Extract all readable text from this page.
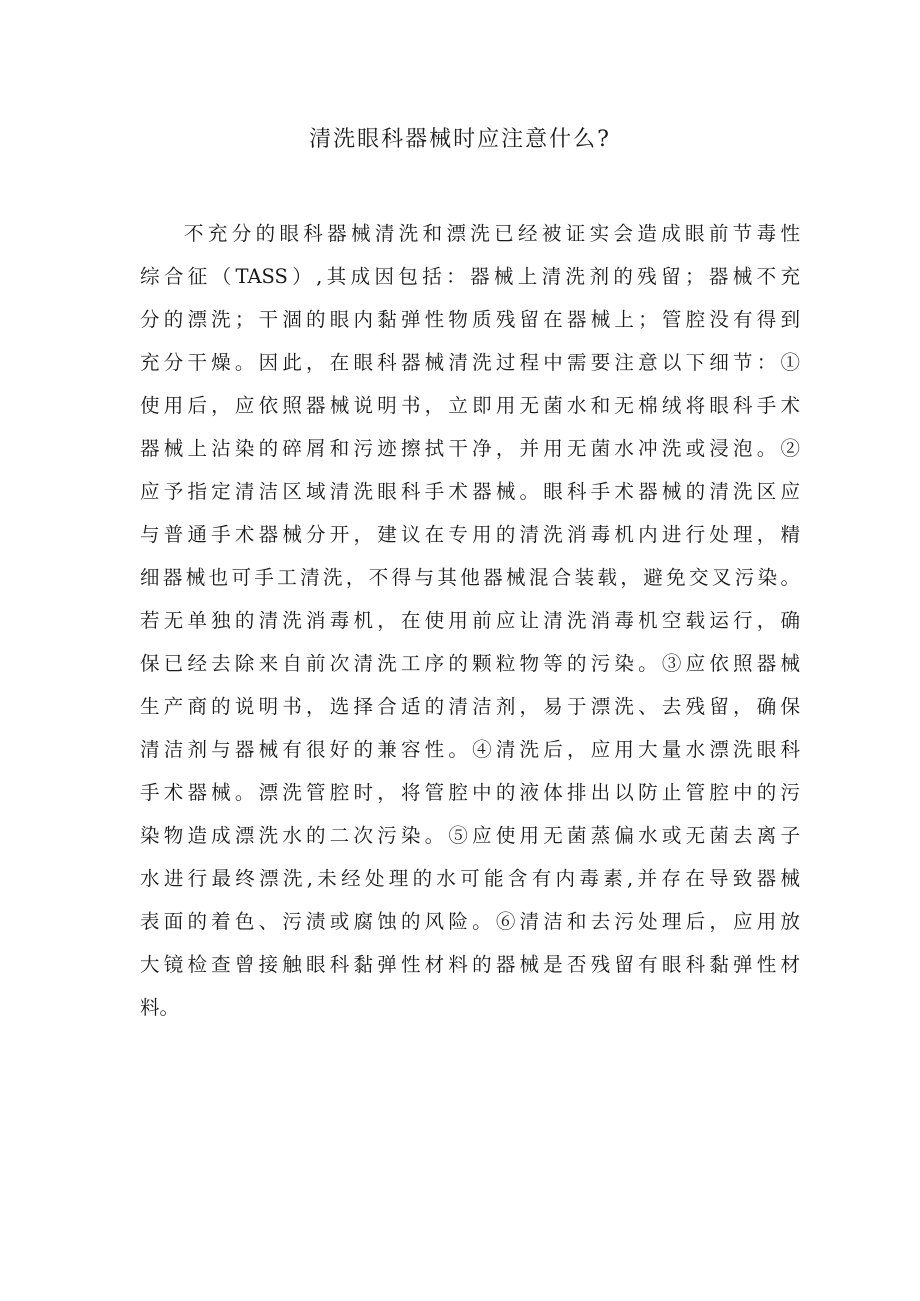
清洗眼科器械时应注意什么?
不充分的眼科器械清洗和漂洗已经被证实会造成眼前节毒性
综合征（TASS）,其成因包括：器械上清洗剂的残留；器械不充
分的漂洗；干涸的眼内黏弹性物质残留在器械上；管腔没有得到
充分干燥。因此，在眼科器械清洗过程中需要注意以下细节：①
使用后，应依照器械说明书，立即用无菌水和无棉绒将眼科手术
器械上沾染的碎屑和污迹擦拭干净，并用无菌水冲洗或浸泡。②
应予指定清洁区域清洗眼科手术器械。眼科手术器械的清洗区应
与普通手术器械分开，建议在专用的清洗消毒机内进行处理，精
细器械也可手工清洗，不得与其他器械混合装载，避免交叉污染。
若无单独的清洗消毒机，在使用前应让清洗消毒机空载运行，确
保已经去除来自前次清洗工序的颗粒物等的污染。③应依照器械
生产商的说明书，选择合适的清洁剂，易于漂洗、去残留，确保
清洁剂与器械有很好的兼容性。④清洗后，应用大量水漂洗眼科
手术器械。漂洗管腔时，将管腔中的液体排出以防止管腔中的污
染物造成漂洗水的二次污染。⑤应使用无菌蒸偏水或无菌去离子
水进行最终漂洗,未经处理的水可能含有内毒素,并存在导致器械
表面的着色、污渍或腐蚀的风险。⑥清洁和去污处理后，应用放
大镜检查曾接触眼科黏弹性材料的器械是否残留有眼科黏弹性材
料。
